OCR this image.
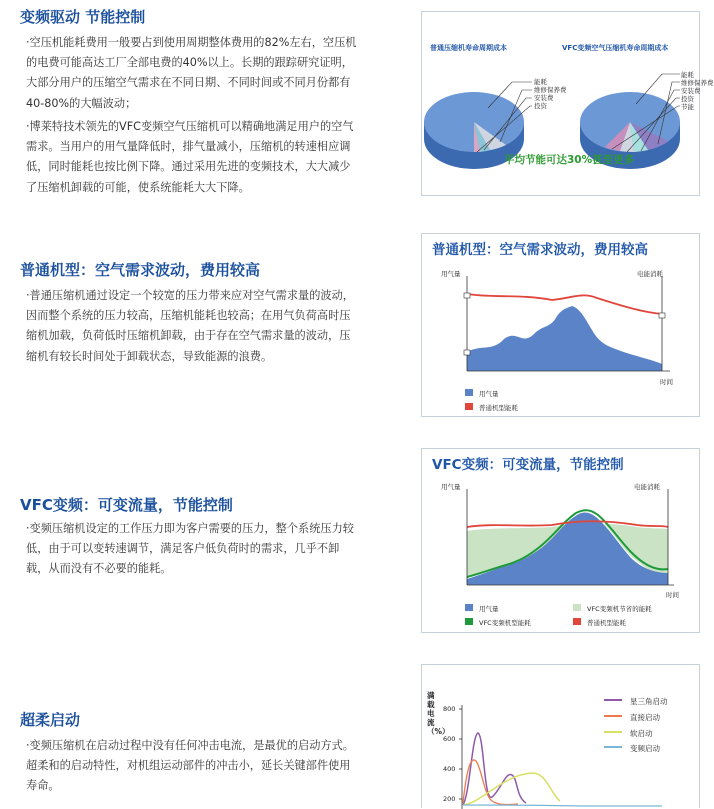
变频驱动 节能控制

·空压机能耗费用一般要占到使用周期整体费用的82%左右，空压机的电费可能高达工厂全部电费的40%以上。长期的跟踪研究证明，大部分用户的压缩空气需求在不同日期、不同时间或不同月份都有40-80%的大幅波动；

·博莱特技术领先的VFC变频空气压缩机可以精确地满足用户的空气需求。当用户的用气量降低时，排气量减小，压缩机的转速相应调低，同时能耗也按比例下降。通过采用先进的变频技术，大大减少了压缩机卸载的可能，使系统能耗大大下降。

普通压缩机寿命周期成本	VFC变频空气压缩机寿命周期成本
能耗
维修保养费
安装费
投资
能耗
维修保养费
安装费
投资
节能
平均节能可达30%甚至更多
普通机型：空气需求波动，费用较高

·普通压缩机通过设定一个较宽的压力带来应对空气需求量的波动，因而整个系统的压力较高，压缩机能耗也较高；在用气负荷高时压缩机加载，负荷低时压缩机卸载，由于存在空气需求量的波动，压缩机有较长时间处于卸载状态，导致能源的浪费。

普通机型：空气需求波动，费用较高
用气量	电能消耗
时间
用气量
普通机型能耗
VFC变频：可变流量，节能控制

·变频压缩机设定的工作压力即为客户需要的压力，整个系统压力较低，由于可以变转速调节，满足客户低负荷时的需求，几乎不卸载，从而没有不必要的能耗。

VFC变频：可变流量，节能控制
用气量	电能消耗
时间
用气量	VFC变频机节省的能耗
VFC变频机型能耗	普通机型能耗
超柔启动

·变频压缩机在启动过程中没有任何冲击电流，是最优的启动方式。超柔和的启动特性，对机组运动部件的冲击小，延长关键部件使用寿命。

满载电流（%）
800
600
400
200
星三角启动
直接启动
软启动
变频启动
